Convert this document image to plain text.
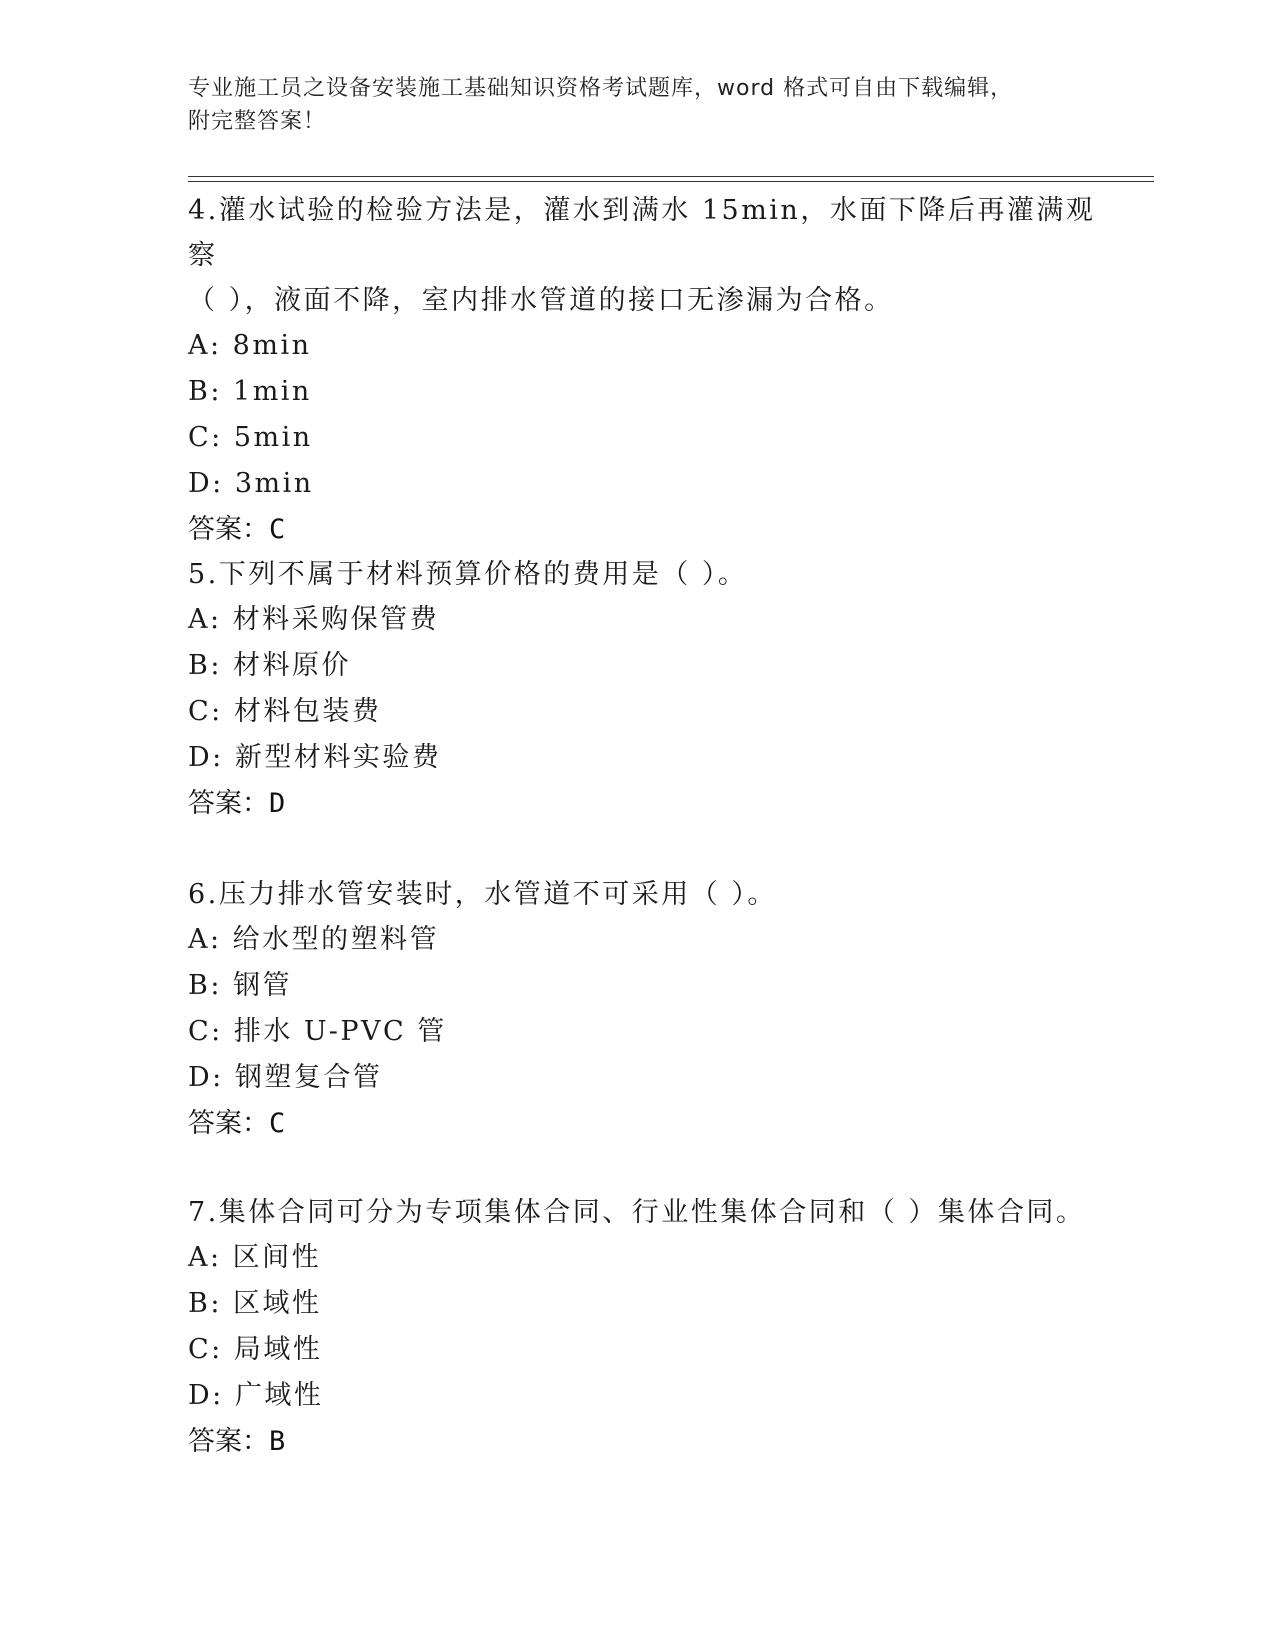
专业施工员之设备安装施工基础知识资格考试题库，word 格式可自由下载编辑，
附完整答案！

4.灌水试验的检验方法是，灌水到满水 15min，水面下降后再灌满观察

（ ），液面不降，室内排水管道的接口无渗漏为合格。

A: 8min

B: 1min

C: 5min

D: 3min

答案：C

5.下列不属于材料预算价格的费用是（ ）。

A: 材料采购保管费

B: 材料原价

C: 材料包装费

D: 新型材料实验费

答案：D

6.压力排水管安装时，水管道不可采用（ ）。

A: 给水型的塑料管

B: 钢管

C: 排水 U-PVC 管

D: 钢塑复合管

答案：C

7.集体合同可分为专项集体合同、行业性集体合同和（ ）集体合同。

A: 区间性

B: 区域性

C: 局域性

D: 广域性

答案：B
